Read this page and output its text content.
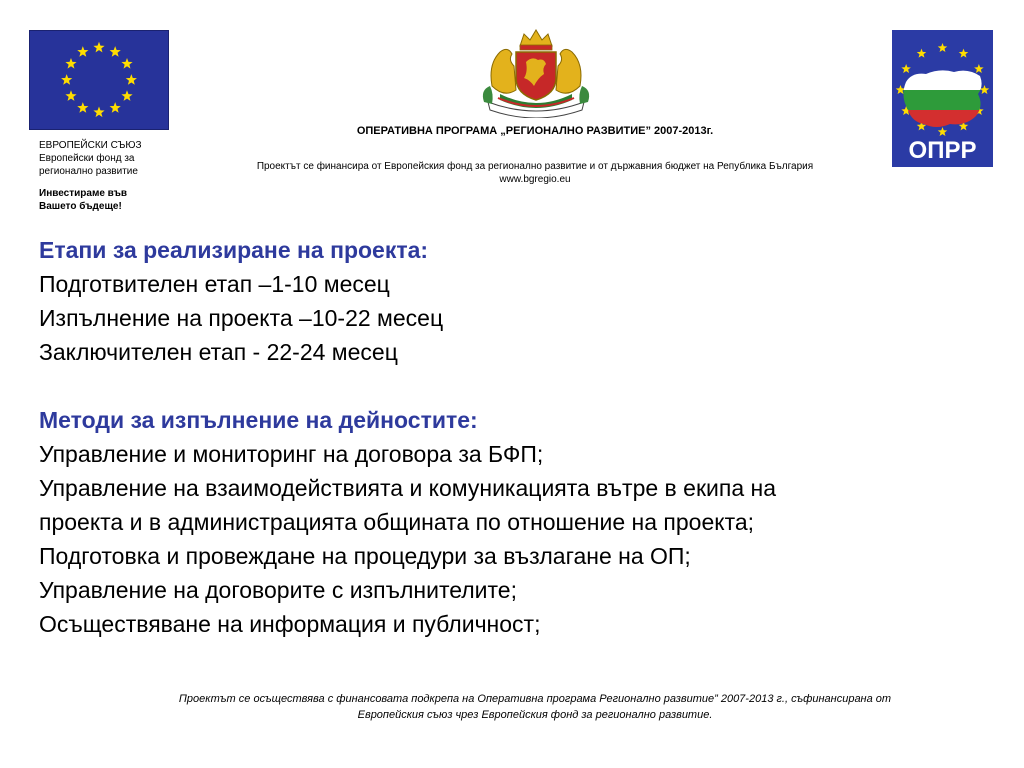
ЕВРОПЕЙСКИ СЪЮЗ
Европейски фонд за
регионално развитие
Инвестираме във
Вашето бъдеще!
ОПРР
ОПЕРАТИВНА ПРОГРАМА „РЕГИОНАЛНО РАЗВИТИЕ” 2007-2013г.
Проектът се финансира от Европейския фонд за регионално развитие и от държавния бюджет на Република България
www.bgregio.eu
Етапи за реализиране на проекта:
Подготвителен етап –1-10 месец
Изпълнение на проекта –10-22 месец
Заключителен етап - 22-24 месец
Методи за изпълнение на дейностите:
Управление и мониторинг на договора за БФП;
Управление на взаимодействията и комуникацията вътре в екипа на
проекта и в администрацията общината по отношение на проекта;
Подготовка и провеждане на процедури за възлагане на ОП;
Управление на договорите с изпълнителите;
Осъществяване на информация и публичност;
Проектът се осъществява с финансовата подкрепа на Оперативна програма Регионално развитие” 2007-2013 г., съфинансирана от
Европейския съюз чрез Европейския фонд за регионално развитие.
